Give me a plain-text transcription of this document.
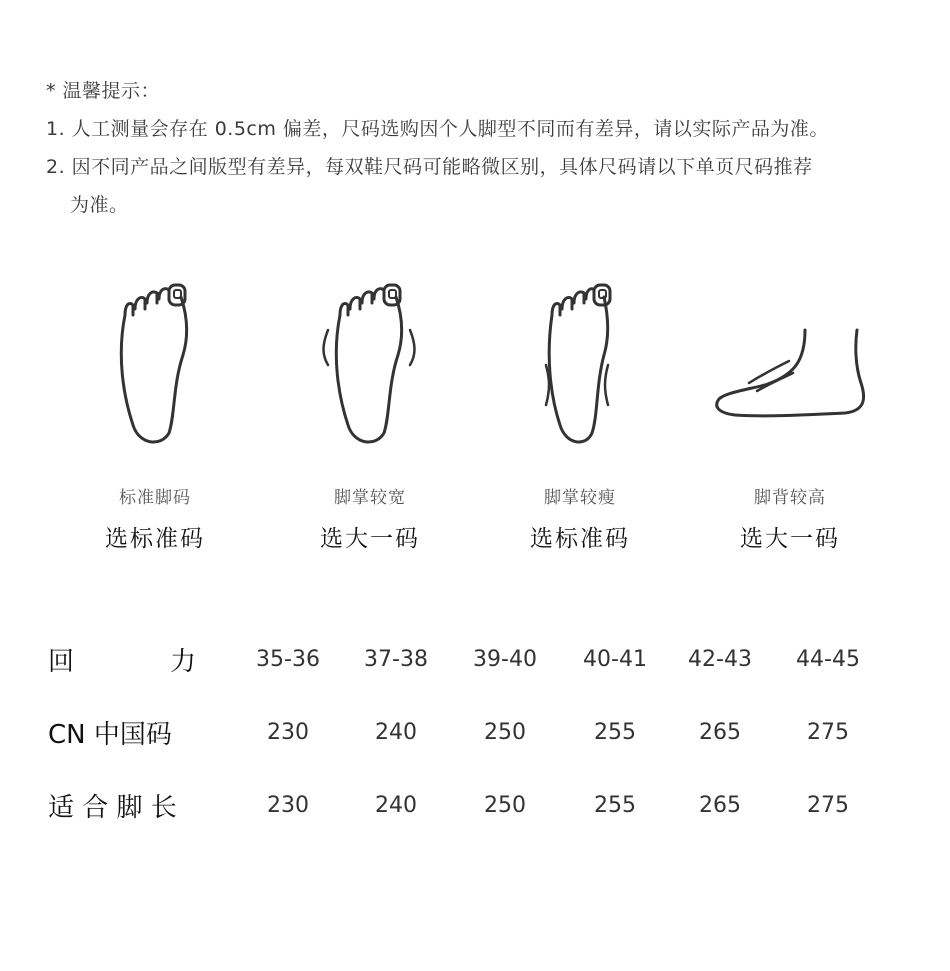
* 温馨提示：
1. 人工测量会存在 0.5cm 偏差，尺码选购因个人脚型不同而有差异，请以实际产品为准。
2. 因不同产品之间版型有差异，每双鞋尺码可能略微区别，具体尺码请以下单页尺码推荐
为准。
标准脚码
选标准码
脚掌较宽
选大一码
脚掌较瘦
选标准码
脚背较高
选大一码
回	力	35-36	37-38	39-40	40-41	42-43	44-45
CN 中国码	230	240	250	255	265	275
适 合 脚 长	230	240	250	255	265	275
